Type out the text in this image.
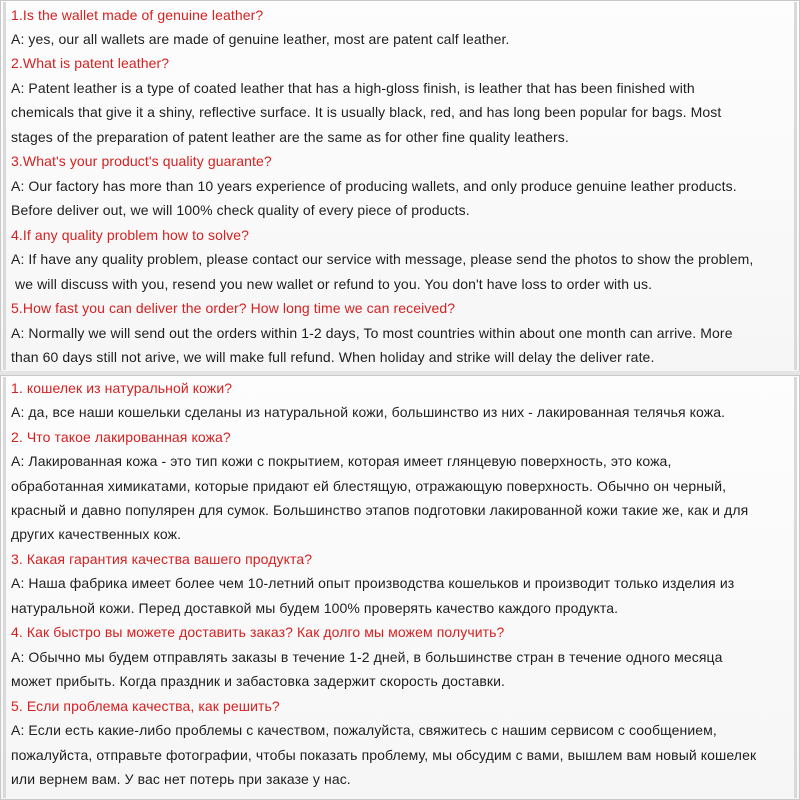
1.Is the wallet made of genuine leather?
A: yes, our all wallets are made of genuine leather, most are patent calf leather.
2.What is patent leather?
A: Patent leather is a type of coated leather that has a high-gloss finish, is leather that has been finished with
chemicals that give it a shiny, reflective surface. It is usually black, red, and has long been popular for bags. Most
stages of the preparation of patent leather are the same as for other fine quality leathers.
3.What's your product's quality guarante?
A: Our factory has more than 10 years experience of producing wallets, and only produce genuine leather products.
Before deliver out, we will 100% check quality of every piece of products.
4.If any quality problem how to solve?
A: If have any quality problem, please contact our service with message, please send the photos to show the problem,
we will discuss with you, resend you new wallet or refund to you. You don't have loss to order with us.
5.How fast you can deliver the order? How long time we can received?
A: Normally we will send out the orders within 1-2 days, To most countries within about one month can arrive. More
than 60 days still not arive, we will make full refund. When holiday and strike will delay the deliver rate.
1. кошелек из натуральной кожи?
A: да, все наши кошельки сделаны из натуральной кожи, большинство из них - лакированная телячья кожа.
2. Что такое лакированная кожа?
A: Лакированная кожа - это тип кожи с покрытием, которая имеет глянцевую поверхность, это кожа,
обработанная химикатами, которые придают ей блестящую, отражающую поверхность. Обычно он черный,
красный и давно популярен для сумок. Большинство этапов подготовки лакированной кожи такие же, как и для
других качественных кож.
3. Какая гарантия качества вашего продукта?
A: Наша фабрика имеет более чем 10-летний опыт производства кошельков и производит только изделия из
натуральной кожи. Перед доставкой мы будем 100% проверять качество каждого продукта.
4. Как быстро вы можете доставить заказ? Как долго мы можем получить?
A: Обычно мы будем отправлять заказы в течение 1-2 дней, в большинстве стран в течение одного месяца
может прибыть. Когда праздник и забастовка задержит скорость доставки.
5. Если проблема качества, как решить?
A: Если есть какие-либо проблемы с качеством, пожалуйста, свяжитесь с нашим сервисом с сообщением,
пожалуйста, отправьте фотографии, чтобы показать проблему, мы обсудим с вами, вышлем вам новый кошелек
или вернем вам. У вас нет потерь при заказе у нас.
